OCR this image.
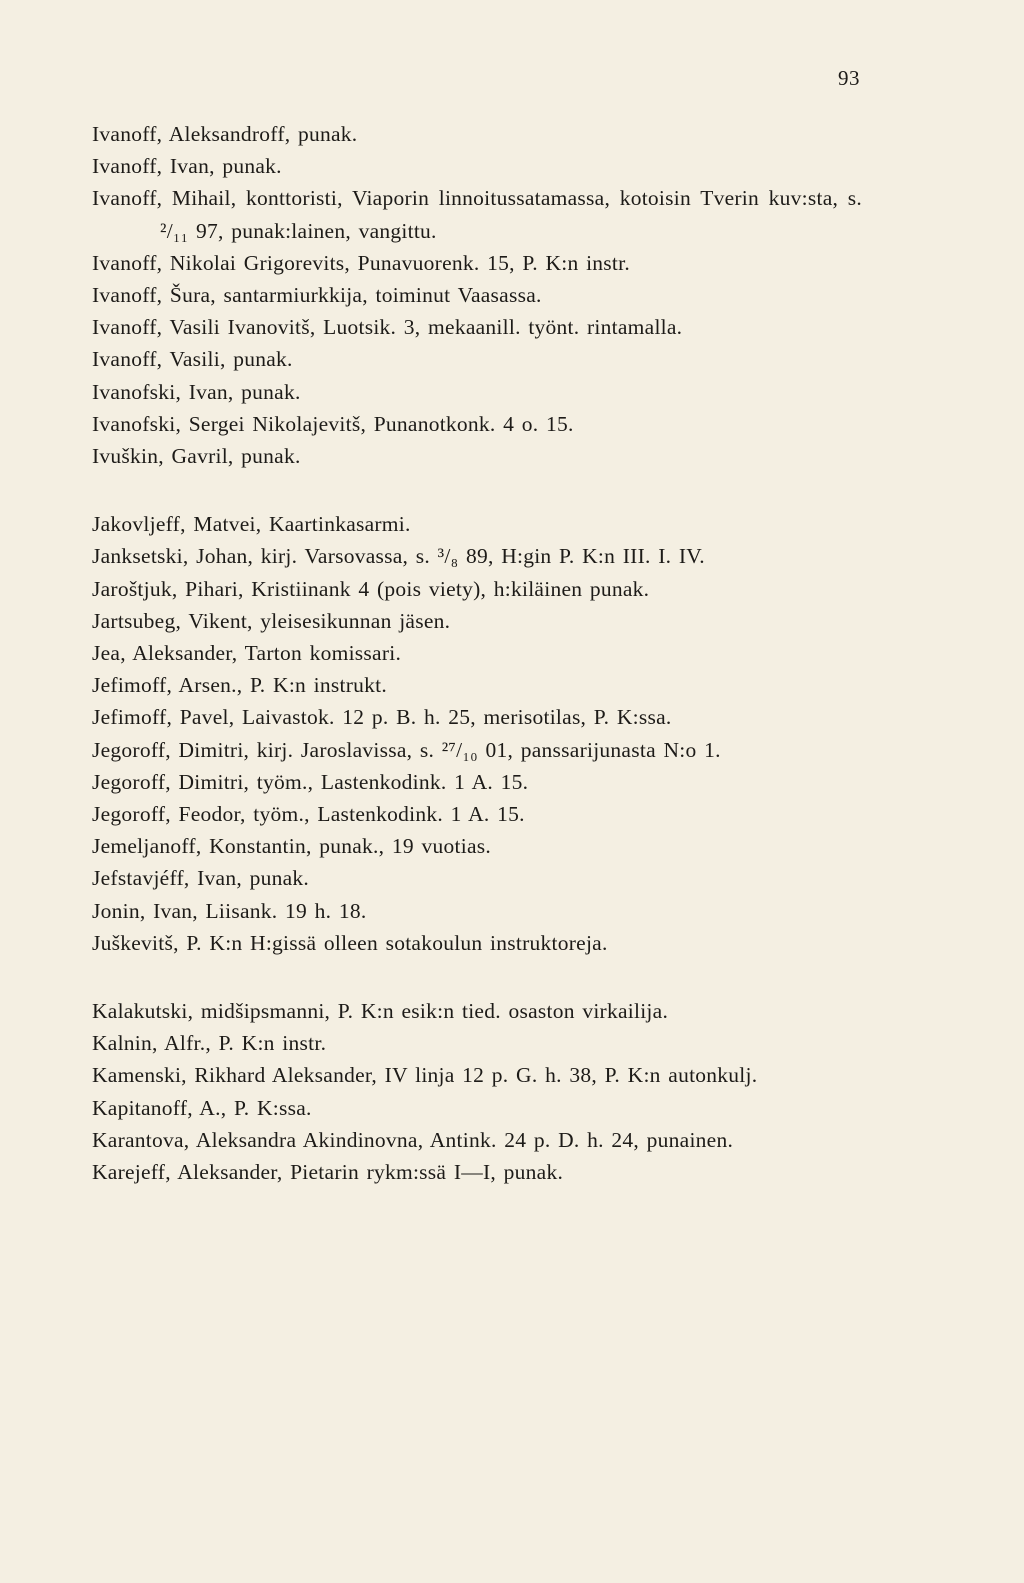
93
Ivanoff, Aleksandroff, punak.
Ivanoff, Ivan, punak.
Ivanoff, Mihail, konttoristi, Viaporin linnoitussatamassa, kotoisin Tverin kuv:sta, s. ²/₁₁ 97, punak:lainen, vangittu.
Ivanoff, Nikolai Grigorevits, Punavuorenk. 15, P. K:n instr.
Ivanoff, Šura, santarmiurkkija, toiminut Vaasassa.
Ivanoff, Vasili Ivanovitš, Luotsik. 3, mekaanill. työnt. rintamalla.
Ivanoff, Vasili, punak.
Ivanofski, Ivan, punak.
Ivanofski, Sergei Nikolajevitš, Punanotkonk. 4 o. 15.
Ivuškin, Gavril, punak.
Jakovljeff, Matvei, Kaartinkasarmi.
Janksetski, Johan, kirj. Varsovassa, s. ³/₈ 89, H:gin P. K:n III. I. IV.
Jaroštjuk, Pihari, Kristiinank 4 (pois viety), h:kiläinen punak.
Jartsubeg, Vikent, yleisesikunnan jäsen.
Jea, Aleksander, Tarton komissari.
Jefimoff, Arsen., P. K:n instrukt.
Jefimoff, Pavel, Laivastok. 12 p. B. h. 25, merisotilas, P. K:ssa.
Jegoroff, Dimitri, kirj. Jaroslavissa, s. ²⁷/₁₀ 01, panssarijunasta N:o 1.
Jegoroff, Dimitri, työm., Lastenkodink. 1 A. 15.
Jegoroff, Feodor, työm., Lastenkodink. 1 A. 15.
Jemeljanoff, Konstantin, punak., 19 vuotias.
Jefstavjéff, Ivan, punak.
Jonin, Ivan, Liisank. 19 h. 18.
Juškevitš, P. K:n H:gissä olleen sotakoulun instruktoreja.
Kalakutski, midšipsmanni, P. K:n esik:n tied. osaston virkailija.
Kalnin, Alfr., P. K:n instr.
Kamenski, Rikhard Aleksander, IV linja 12 p. G. h. 38, P. K:n autonkulj.
Kapitanoff, A., P. K:ssa.
Karantova, Aleksandra Akindinovna, Antink. 24 p. D. h. 24, punainen.
Karejeff, Aleksander, Pietarin rykm:ssä I—I, punak.
